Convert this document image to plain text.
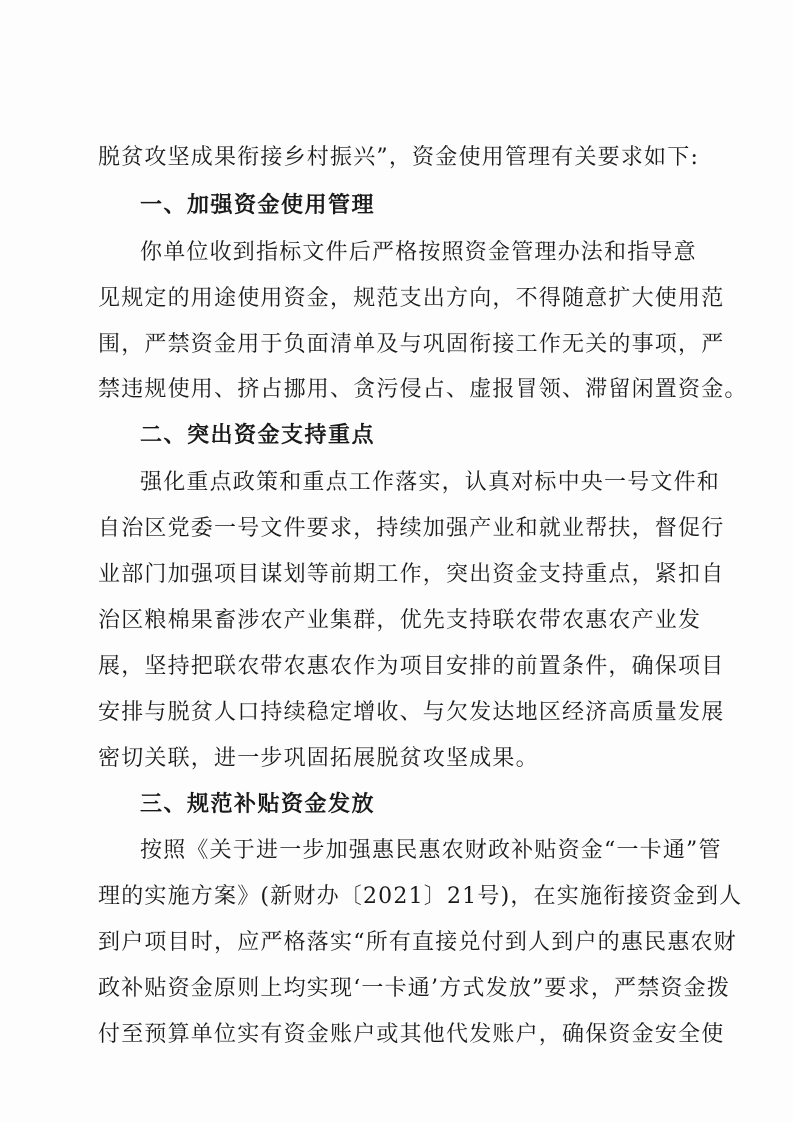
脱贫攻坚成果衔接乡村振兴”，资金使用管理有关要求如下:
一、加强资金使用管理
你单位收到指标文件后严格按照资金管理办法和指导意
见规定的用途使用资金，规范支出方向，不得随意扩大使用范
围，严禁资金用于负面清单及与巩固衔接工作无关的事项，严
禁违规使用、挤占挪用、贪污侵占、虚报冒领、滞留闲置资金。
二、突出资金支持重点
强化重点政策和重点工作落实，认真对标中央一号文件和
自治区党委一号文件要求，持续加强产业和就业帮扶，督促行
业部门加强项目谋划等前期工作，突出资金支持重点，紧扣自
治区粮棉果畜涉农产业集群，优先支持联农带农惠农产业发
展，坚持把联农带农惠农作为项目安排的前置条件，确保项目
安排与脱贫人口持续稳定增收、与欠发达地区经济高质量发展
密切关联，进一步巩固拓展脱贫攻坚成果。
三、规范补贴资金发放
按照《关于进一步加强惠民惠农财政补贴资金“一卡通”管
理的实施方案》(新财办〔2021〕21号)，在实施衔接资金到人
到户项目时，应严格落实“所有直接兑付到人到户的惠民惠农财
政补贴资金原则上均实现‘一卡通’方式发放”要求，严禁资金拨
付至预算单位实有资金账户或其他代发账户，确保资金安全使
